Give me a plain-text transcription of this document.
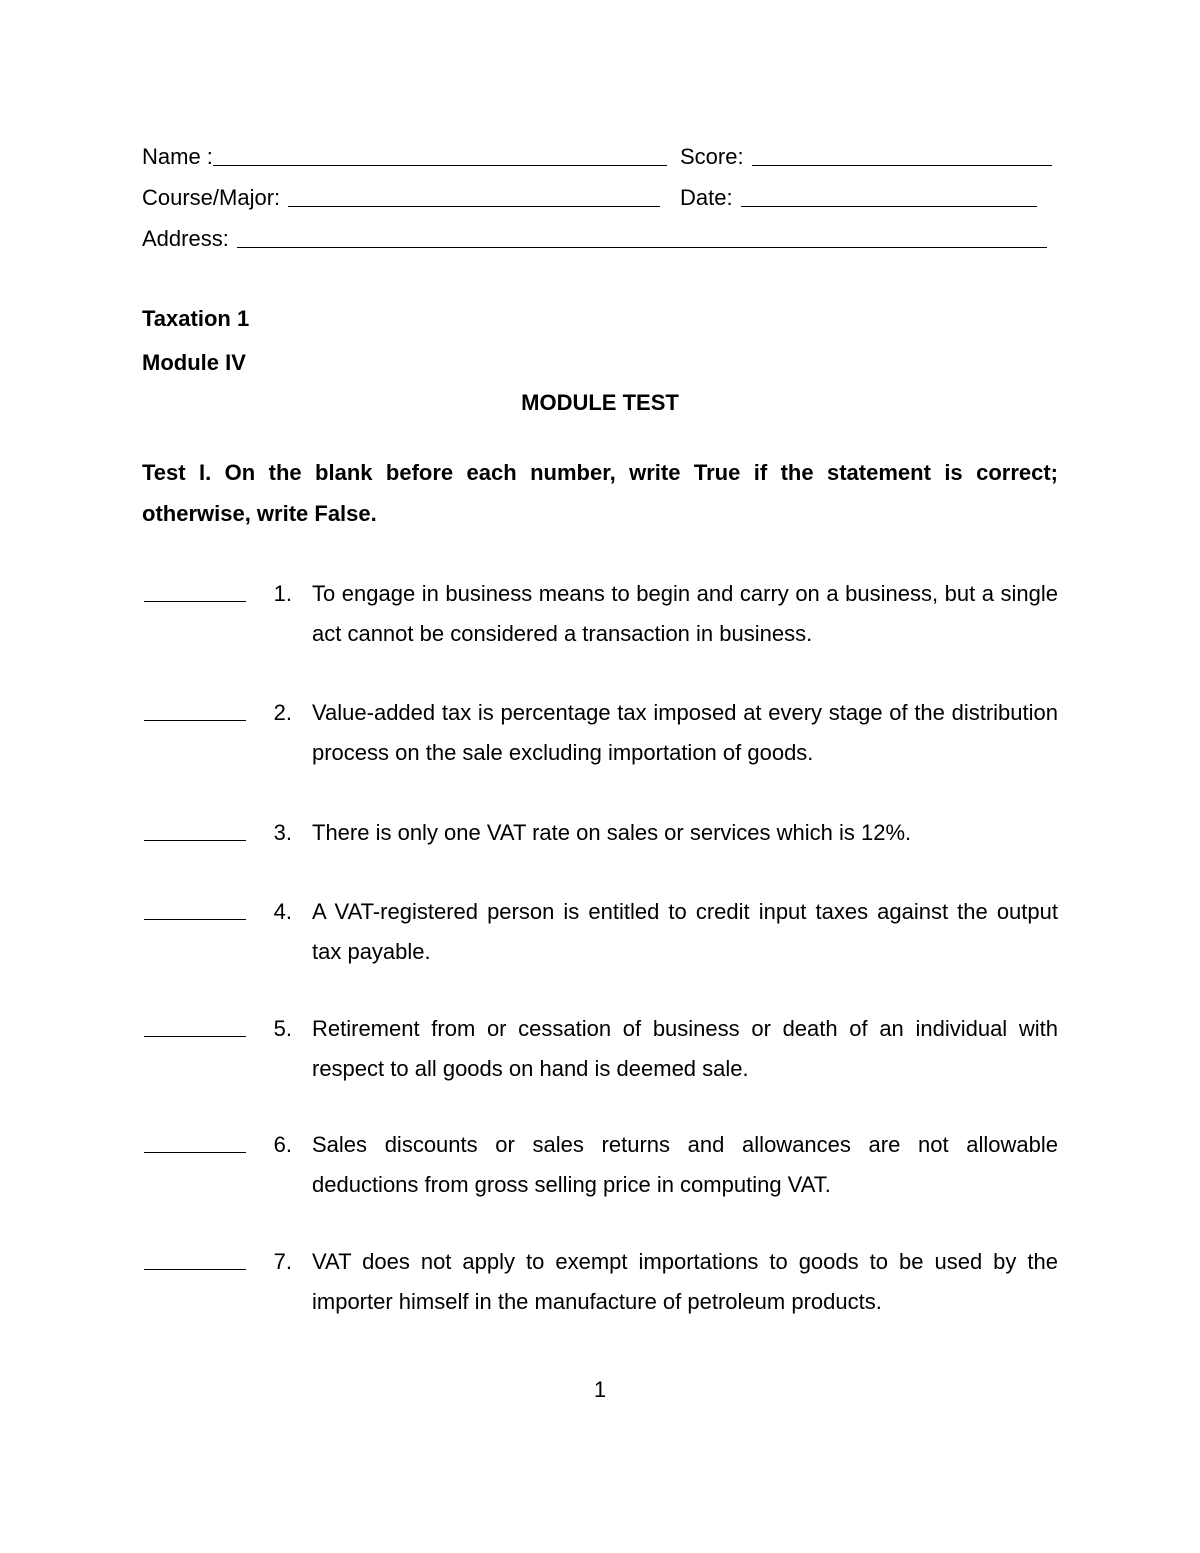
Name :	Score:
Course/Major:	Date:
Address:
Taxation 1
Module IV
MODULE TEST
Test I. On the blank before each number, write True if the statement is correct; otherwise, write False.
1. To engage in business means to begin and carry on a business, but a single act cannot be considered a transaction in business.
2. Value-added tax is percentage tax imposed at every stage of the distribution process on the sale excluding importation of goods.
3. There is only one VAT rate on sales or services which is 12%.
4. A VAT-registered person is entitled to credit input taxes against the output tax payable.
5. Retirement from or cessation of business or death of an individual with respect to all goods on hand is deemed sale.
6. Sales discounts or sales returns and allowances are not allowable deductions from gross selling price in computing VAT.
7. VAT does not apply to exempt importations to goods to be used by the importer himself in the manufacture of petroleum products.
1
